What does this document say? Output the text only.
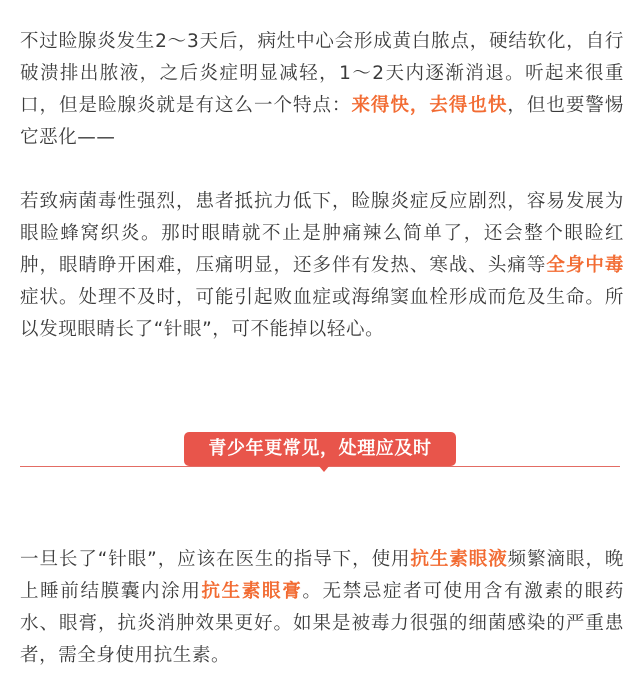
不过睑腺炎发生2～3天后，病灶中心会形成黄白脓点，硬结软化，自行破溃排出脓液，之后炎症明显减轻，1～2天内逐渐消退。听起来很重口，但是睑腺炎就是有这么一个特点：来得快，去得也快，但也要警惕它恶化——

若致病菌毒性强烈，患者抵抗力低下，睑腺炎症反应剧烈，容易发展为眼睑蜂窝织炎。那时眼睛就不止是肿痛辣么简单了，还会整个眼睑红肿，眼睛睁开困难，压痛明显，还多伴有发热、寒战、头痛等全身中毒症状。处理不及时，可能引起败血症或海绵窦血栓形成而危及生命。所以发现眼睛长了“针眼”，可不能掉以轻心。

青少年更常见，处理应及时

一旦长了“针眼”，应该在医生的指导下，使用抗生素眼液频繁滴眼，晚上睡前结膜囊内涂用抗生素眼膏。无禁忌症者可使用含有激素的眼药水、眼膏，抗炎消肿效果更好。如果是被毒力很强的细菌感染的严重患者，需全身使用抗生素。
